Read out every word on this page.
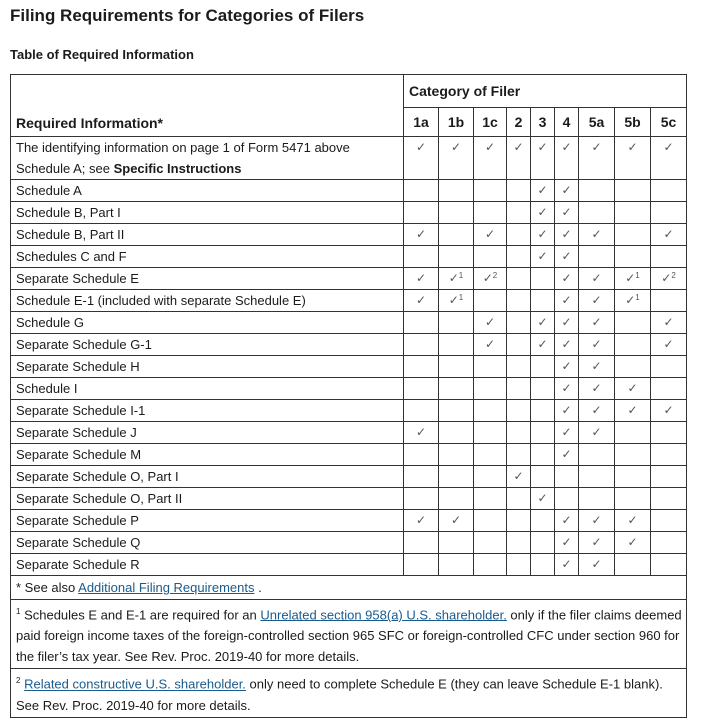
Filing Requirements for Categories of Filers
Table of Required Information
Required Information*	Category of Filer								
	1a	1b	1c	2	3	4	5a	5b	5c
The identifying information on page 1 of Form 5471 above Schedule A; see Specific Instructions	✓	✓	✓	✓	✓	✓	✓	✓	✓
Schedule A					✓	✓			
Schedule B, Part I					✓	✓			
Schedule B, Part II	✓		✓		✓	✓	✓		✓
Schedules C and F					✓	✓			
Separate Schedule E	✓	✓$^1$	✓$^2$			✓	✓	✓$^1$	✓$^2$
Schedule E-1 (included with separate Schedule E)	✓	✓$^1$				✓	✓	✓$^1$	
Schedule G			✓		✓	✓	✓		✓
Separate Schedule G-1			✓		✓	✓	✓		✓
Separate Schedule H						✓	✓		
Schedule I						✓	✓	✓	
Separate Schedule I-1						✓	✓	✓	✓
Separate Schedule J	✓					✓	✓		
Separate Schedule M						✓			
Separate Schedule O, Part I				✓					
Separate Schedule O, Part II					✓				
Separate Schedule P	✓	✓				✓	✓	✓	
Separate Schedule Q						✓	✓	✓	
Separate Schedule R						✓	✓		
* See also Additional Filing Requirements .									
$^1$ Schedules E and E-1 are required for an Unrelated section 958(a) U.S. shareholder. only if the filer claims deemed paid foreign income taxes of the foreign-controlled section 965 SFC or foreign-controlled CFC under section 960 for the filer’s tax year. See Rev. Proc. 2019-40 for more details.									
$^2$ Related constructive U.S. shareholder. only need to complete Schedule E (they can leave Schedule E-1 blank). See Rev. Proc. 2019-40 for more details.									
